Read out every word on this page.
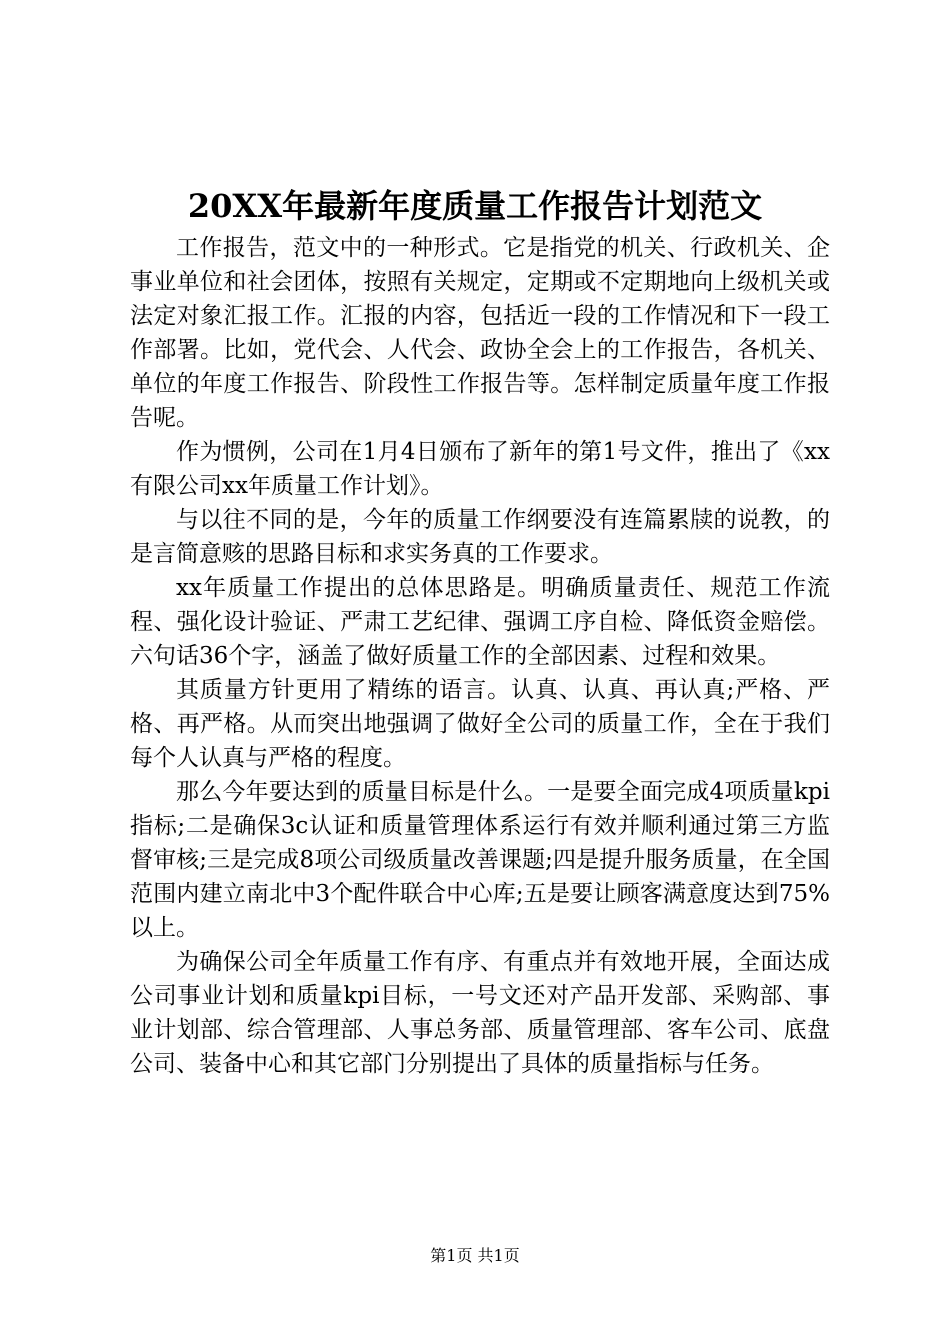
20XX年最新年度质量工作报告计划范文

工作报告，范文中的一种形式。它是指党的机关、行政机关、企事业单位和社会团体，按照有关规定，定期或不定期地向上级机关或法定对象汇报工作。汇报的内容，包括近一段的工作情况和下一段工作部署。比如，党代会、人代会、政协全会上的工作报告，各机关、单位的年度工作报告、阶段性工作报告等。怎样制定质量年度工作报告呢。

作为惯例，公司在1月4日颁布了新年的第1号文件，推出了《xx有限公司xx年质量工作计划》。

与以往不同的是，今年的质量工作纲要没有连篇累牍的说教，的是言简意赅的思路目标和求实务真的工作要求。

xx年质量工作提出的总体思路是。明确质量责任、规范工作流程、强化设计验证、严肃工艺纪律、强调工序自检、降低资金赔偿。六句话36个字，涵盖了做好质量工作的全部因素、过程和效果。

其质量方针更用了精练的语言。认真、认真、再认真;严格、严格、再严格。从而突出地强调了做好全公司的质量工作，全在于我们每个人认真与严格的程度。

那么今年要达到的质量目标是什么。一是要全面完成4项质量kpi指标;二是确保3c认证和质量管理体系运行有效并顺利通过第三方监督审核;三是完成8项公司级质量改善课题;四是提升服务质量，在全国范围内建立南北中3个配件联合中心库;五是要让顾客满意度达到75%以上。

为确保公司全年质量工作有序、有重点并有效地开展，全面达成公司事业计划和质量kpi目标，一号文还对产品开发部、采购部、事业计划部、综合管理部、人事总务部、质量管理部、客车公司、底盘公司、装备中心和其它部门分别提出了具体的质量指标与任务。

第1页 共1页
